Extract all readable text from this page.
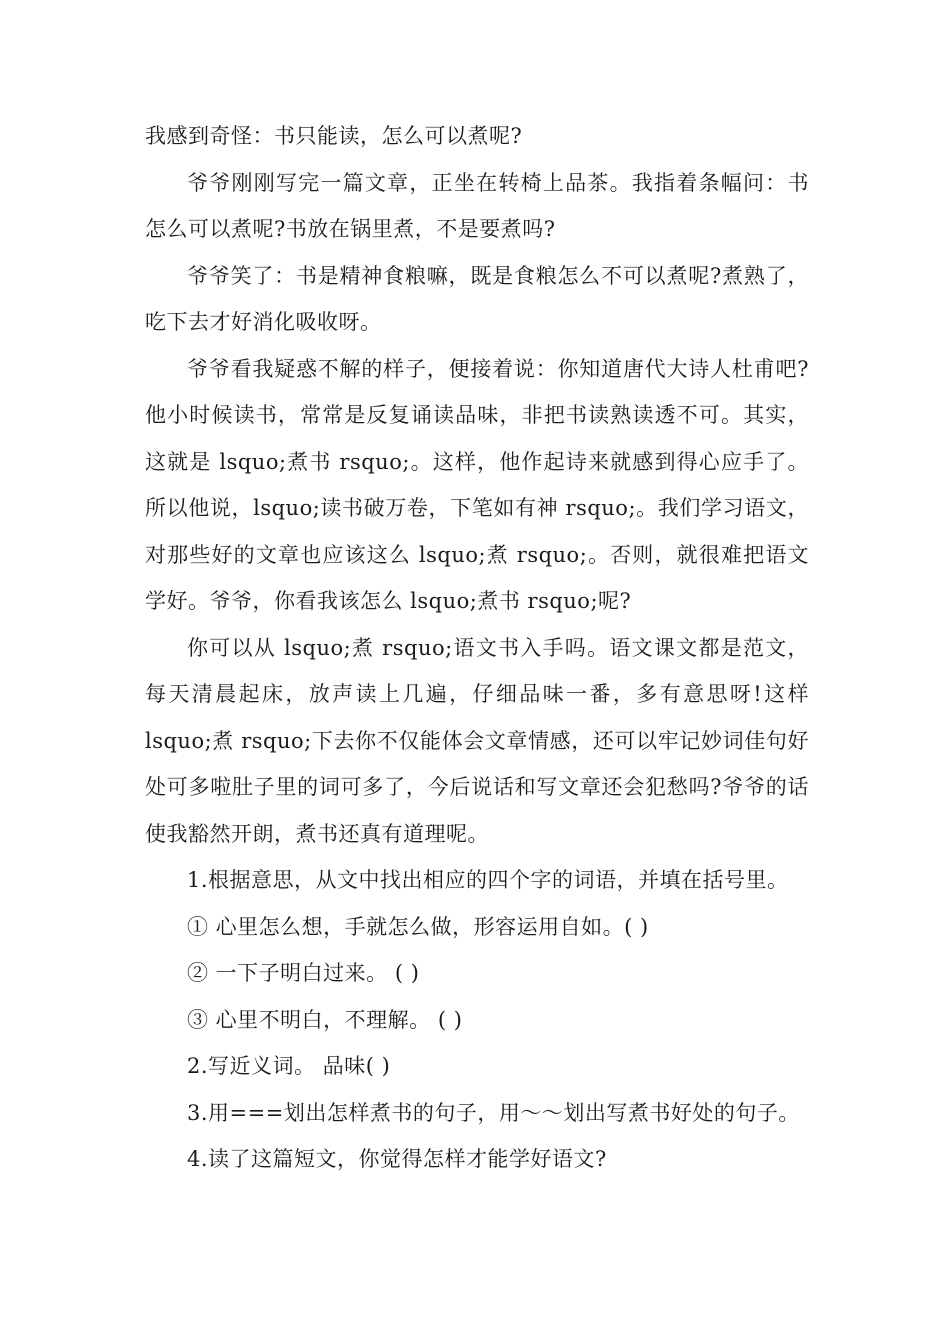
我感到奇怪：书只能读，怎么可以煮呢?

爷爷刚刚写完一篇文章，正坐在转椅上品茶。我指着条幅问：书怎么可以煮呢?书放在锅里煮，不是要煮吗?

爷爷笑了：书是精神食粮嘛，既是食粮怎么不可以煮呢?煮熟了，吃下去才好消化吸收呀。

爷爷看我疑惑不解的样子，便接着说：你知道唐代大诗人杜甫吧?他小时候读书，常常是反复诵读品味，非把书读熟读透不可。其实，这就是 lsquo;煮书 rsquo;。这样，他作起诗来就感到得心应手了。所以他说，lsquo;读书破万卷，下笔如有神 rsquo;。我们学习语文，对那些好的文章也应该这么 lsquo;煮 rsquo;。否则，就很难把语文学好。爷爷，你看我该怎么 lsquo;煮书 rsquo;呢?

你可以从 lsquo;煮 rsquo;语文书入手吗。语文课文都是范文，每天清晨起床，放声读上几遍，仔细品味一番，多有意思呀!这样 lsquo;煮 rsquo;下去你不仅能体会文章情感，还可以牢记妙词佳句好处可多啦肚子里的词可多了，今后说话和写文章还会犯愁吗?爷爷的话使我豁然开朗，煮书还真有道理呢。

1.根据意思，从文中找出相应的四个字的词语，并填在括号里。

① 心里怎么想，手就怎么做，形容运用自如。( )

② 一下子明白过来。 ( )

③ 心里不明白，不理解。 ( )

2.写近义词。 品味( )

3.用===划出怎样煮书的句子，用～～划出写煮书好处的句子。

4.读了这篇短文，你觉得怎样才能学好语文?
